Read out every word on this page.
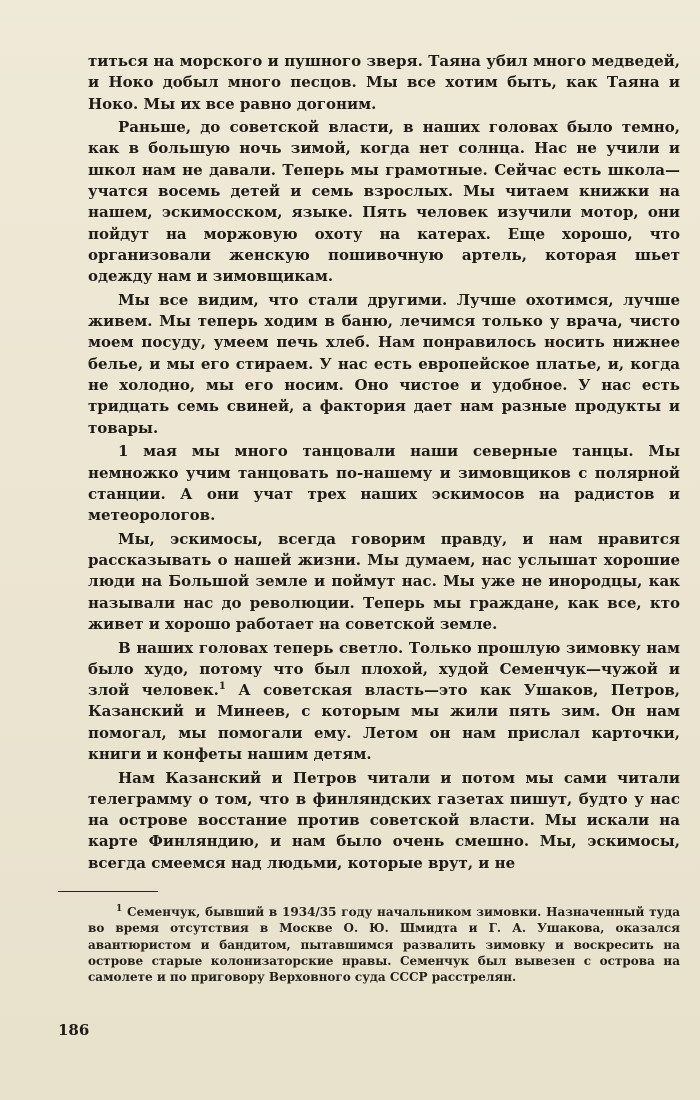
титься на морского и пушного зверя. Таяна убил много медведей, и Ноко добыл много песцов. Мы все хотим быть, как Таяна и Ноко. Мы их все равно догоним.

Раньше, до советской власти, в наших головах было темно, как в большую ночь зимой, когда нет солнца. Нас не учили и школ нам не давали. Теперь мы грамотные. Сейчас есть школа—учатся восемь детей и семь взрослых. Мы читаем книжки на нашем, эскимосском, языке. Пять человек изучили мотор, они пойдут на моржовую охоту на катерах. Еще хорошо, что организовали женскую пошивочную артель, которая шьет одежду нам и зимовщикам.

Мы все видим, что стали другими. Лучше охотимся, лучше живем. Мы теперь ходим в баню, лечимся только у врача, чисто моем посуду, умеем печь хлеб. Нам понравилось носить нижнее белье, и мы его стираем. У нас есть европейское платье, и, когда не холодно, мы его носим. Оно чистое и удобное. У нас есть тридцать семь свиней, а фактория дает нам разные продукты и товары.

1 мая мы много танцовали наши северные танцы. Мы немножко учим танцовать по-нашему и зимовщиков с полярной станции. А они учат трех наших эскимосов на радистов и метеорологов.

Мы, эскимосы, всегда говорим правду, и нам нравится рассказывать о нашей жизни. Мы думаем, нас услышат хорошие люди на Большой земле и поймут нас. Мы уже не инородцы, как называли нас до революции. Теперь мы граждане, как все, кто живет и хорошо работает на советской земле.

В наших головах теперь светло. Только прошлую зимовку нам было худо, потому что был плохой, худой Семенчук—чужой и злой человек.$^1$ А советская власть—это как Ушаков, Петров, Казанский и Минеев, с которым мы жили пять зим. Он нам помогал, мы помогали ему. Летом он нам прислал карточки, книги и конфеты нашим детям.

Нам Казанский и Петров читали и потом мы сами читали телеграмму о том, что в финляндских газетах пишут, будто у нас на острове восстание против советской власти. Мы искали на карте Финляндию, и нам было очень смешно. Мы, эскимосы, всегда смеемся над людьми, которые врут, и не

$^1$ Семенчук, бывший в 1934/35 году начальником зимовки. Назначенный туда во время отсутствия в Москве О. Ю. Шмидта и Г. А. Ушакова, оказался авантюристом и бандитом, пытавшимся развалить зимовку и воскресить на острове старые колонизаторские нравы. Семенчук был вывезен с острова на самолете и по приговору Верховного суда СССР расстрелян.

186
